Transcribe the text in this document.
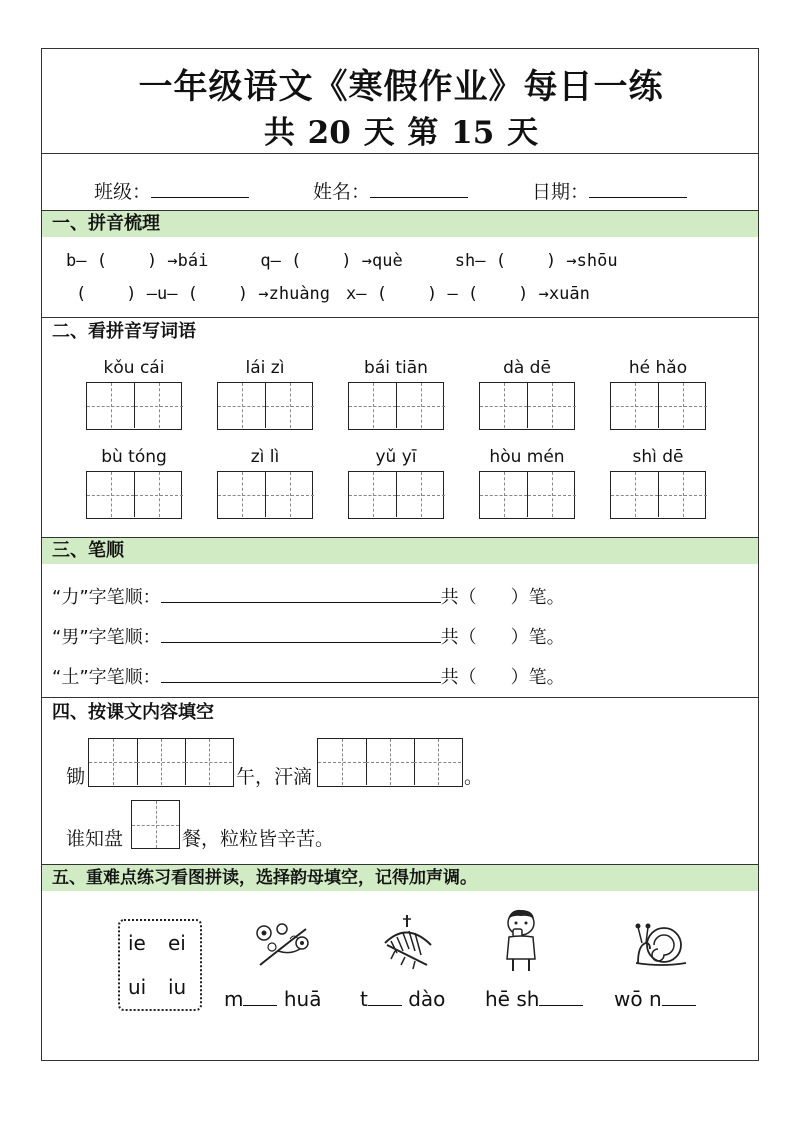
一年级语文《寒假作业》每日一练
共 20 天 第 15 天
班级：	姓名：	日期：
一、拼音梳理
b— ( ) →bái	q— ( ) →què	sh— ( ) →shōu
( ) —u— ( ) →zhuàng x— ( ) — ( ) →xuān
二、看拼音写词语
kǒu cái	lái zì	bái tiān	dà dē	hé hǎo
bù tóng	zì lì	yǔ yī	hòu mén	shì dē
三、笔顺
“力”字笔顺：	共（ ）笔。
“男”字笔顺：	共（ ）笔。
“土”字笔顺：	共（ ）笔。
四、按课文内容填空
锄	午，汗滴	。
谁知盘	餐，粒粒皆辛苦。
五、重难点练习看图拼读，选择韵母填空，记得加声调。
ie ei
ui iu m huā t dào hē sh	wō n
